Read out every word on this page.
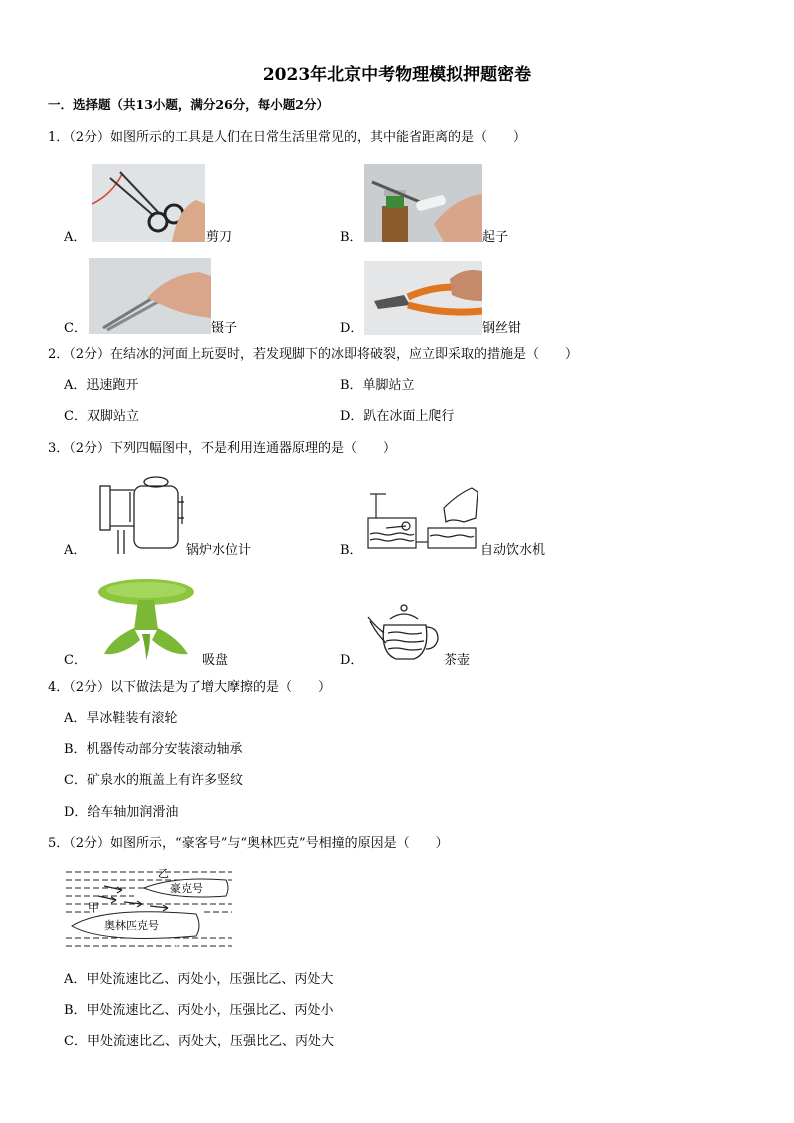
2023年北京中考物理模拟押题密卷
一．选择题（共13小题，满分26分，每小题2分）
1．（2分）如图所示的工具是人们在日常生活里常见的，其中能省距离的是（　　）
A．	剪刀	B．	起子
C．	镊子	D．	钢丝钳
2．（2分）在结冰的河面上玩耍时，若发现脚下的冰即将破裂，应立即采取的措施是（　　）
A．迅速跑开	B．单脚站立
C．双脚站立	D．趴在冰面上爬行
3．（2分）下列四幅图中，不是利用连通器原理的是（　　）
A．	锅炉水位计	B．	自动饮水机
C．	吸盘	D．	茶壶
4．（2分）以下做法是为了增大摩擦的是（　　）
A．旱冰鞋装有滚轮
B．机器传动部分安装滚动轴承
C．矿泉水的瓶盖上有许多竖纹
D．给车轴加润滑油
5．（2分）如图所示，“豪客号”与“奥林匹克”号相撞的原因是（　　）
乙
甲
丙
豪克号
奥林匹克号
A．甲处流速比乙、丙处小，压强比乙、丙处大
B．甲处流速比乙、丙处小，压强比乙、丙处小
C．甲处流速比乙、丙处大，压强比乙、丙处大
